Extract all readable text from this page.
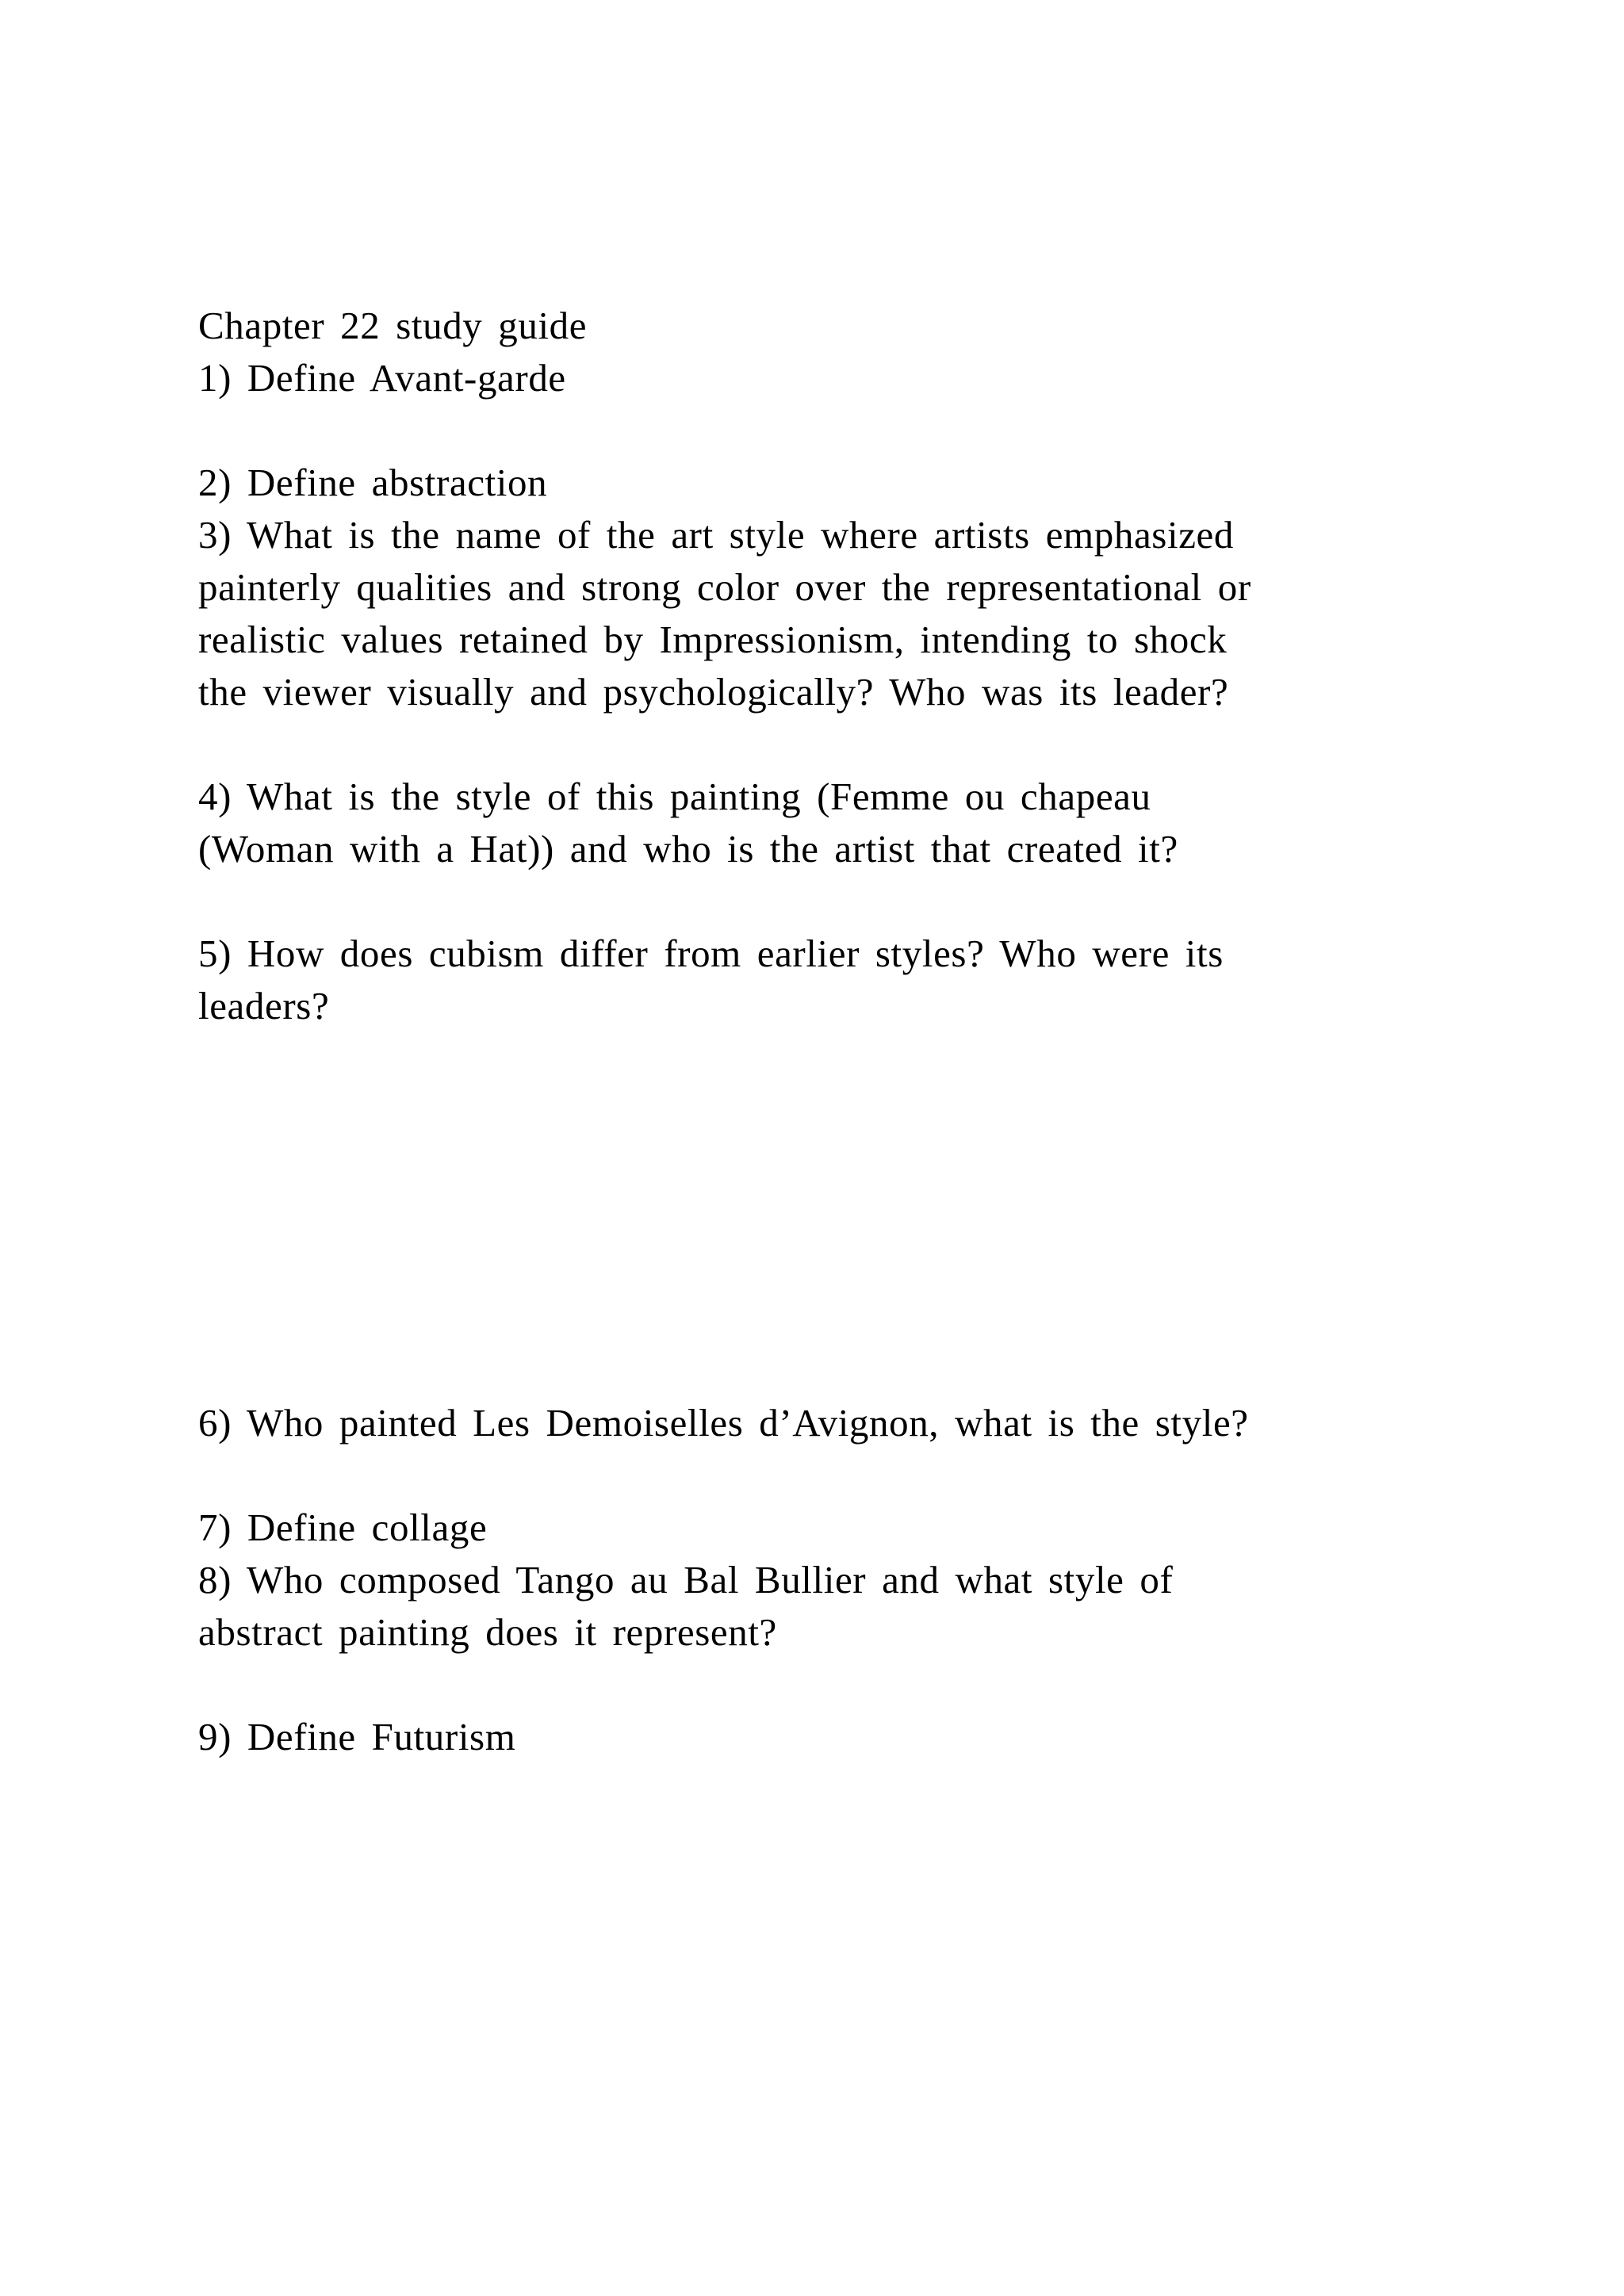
Chapter 22 study guide
1) Define Avant-garde
2) Define abstraction
3) What is the name of the art style where artists emphasized
painterly qualities and strong color over the representational or
realistic values retained by Impressionism, intending to shock
the viewer visually and psychologically? Who was its leader?
4) What is the style of this painting (Femme ou chapeau
(Woman with a Hat)) and who is the artist that created it?
5) How does cubism differ from earlier styles? Who were its
leaders?
6) Who painted Les Demoiselles d’Avignon, what is the style?
7) Define collage
8) Who composed Tango au Bal Bullier and what style of
abstract painting does it represent?
9) Define Futurism
